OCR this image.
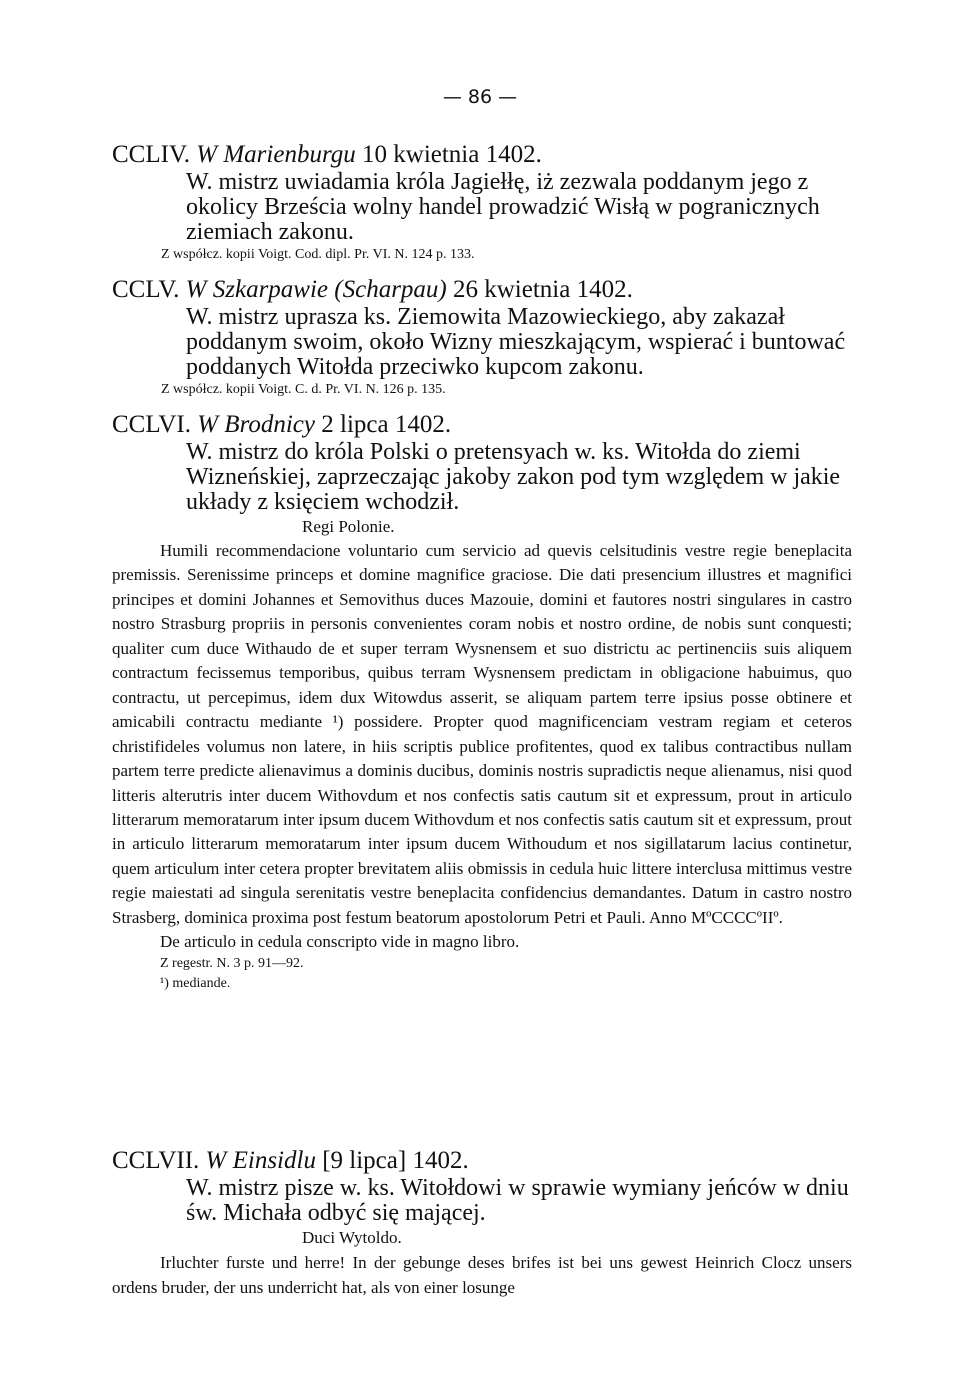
— 86 —
CCLIV. W Marienburgu 10 kwietnia 1402.
W. mistrz uwiadamia króla Jagiełłę, iż zezwala poddanym jego z okolicy Brześcia wolny handel prowadzić Wisłą w pogranicznych ziemiach zakonu.
Z współcz. kopii Voigt. Cod. dipl. Pr. VI. N. 124 p. 133.
CCLV. W Szkarpawie (Scharpau) 26 kwietnia 1402.
W. mistrz uprasza ks. Ziemowita Mazowieckiego, aby zakazał poddanym swoim, około Wizny mieszkającym, wspierać i buntować poddanych Witołda przeciwko kupcom zakonu.
Z współcz. kopii Voigt. C. d. Pr. VI. N. 126 p. 135.
CCLVI. W Brodnicy 2 lipca 1402.
W. mistrz do króla Polski o pretensyach w. ks. Witołda do ziemi Wizneńskiej, zaprzeczając jakoby zakon pod tym względem w jakie układy z księciem wchodził.
Regi Polonie.
Humili recommendacione voluntario cum servicio ad quevis celsitudinis vestre regie beneplacita premissis. Serenissime princeps et domine magnifice graciose. Die dati presencium illustres et magnifici principes et domini Johannes et Semovithus duces Mazouie, domini et fautores nostri singulares in castro nostro Strasburg propriis in personis convenientes coram nobis et nostro ordine, de nobis sunt conquesti; qualiter cum duce Withaudo de et super terram Wysnensem et suo districtu ac pertinenciis suis aliquem contractum fecissemus temporibus, quibus terram Wysnensem predictam in obligacione habuimus, quo contractu, ut percepimus, idem dux Witowdus asserit, se aliquam partem terre ipsius posse obtinere et amicabili contractu mediante ¹) possidere. Propter quod magnificenciam vestram regiam et ceteros christifideles volumus non latere, in hiis scriptis publice profitentes, quod ex talibus contractibus nullam partem terre predicte alienavimus a dominis ducibus, dominis nostris supradictis neque alienamus, nisi quod litteris alterutris inter ducem Withovdum et nos confectis satis cautum sit et expressum, prout in articulo litterarum memoratarum inter ipsum ducem Withovdum et nos confectis satis cautum sit et expressum, prout in articulo litterarum memoratarum inter ipsum ducem Withoudum et nos sigillatarum lacius continetur, quem articulum inter cetera propter brevitatem aliis obmissis in cedula huic littere interclusa mittimus vestre regie maiestati ad singula serenitatis vestre beneplacita confidencius demandantes. Datum in castro nostro Strasberg, dominica proxima post festum beatorum apostolorum Petri et Pauli. Anno MºCCCCºIIº.
De articulo in cedula conscripto vide in magno libro.
Z regestr. N. 3 p. 91—92.
¹) mediande.
CCLVII. W Einsidlu [9 lipca] 1402.
W. mistrz pisze w. ks. Witołdowi w sprawie wymiany jeńców w dniu św. Michała odbyć się mającej.
Duci Wytoldo.
Irluchter furste und herre! In der gebunge deses brifes ist bei uns gewest Heinrich Clocz unsers ordens bruder, der uns underricht hat, als von einer losunge
